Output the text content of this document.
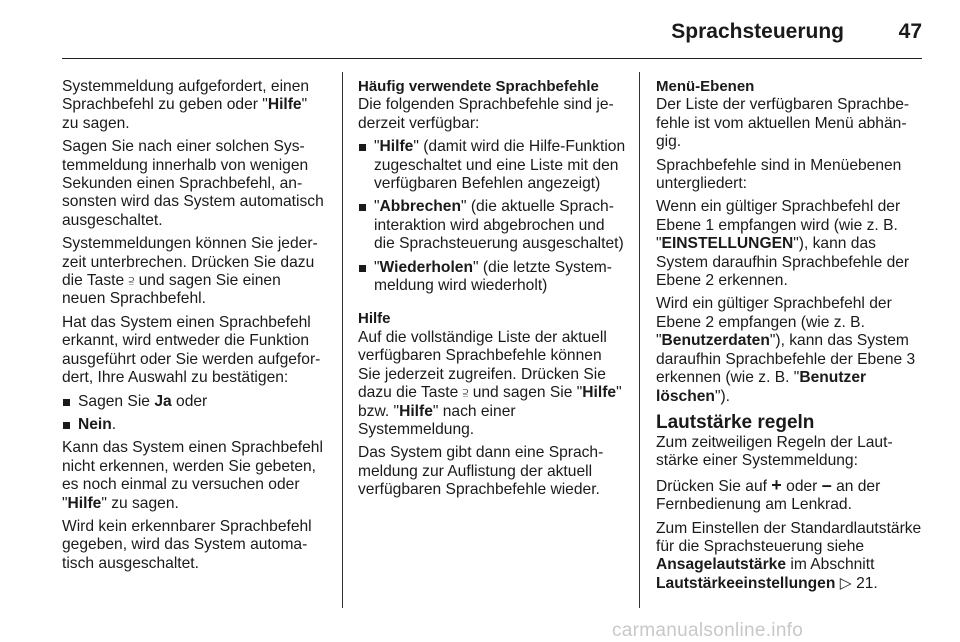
Sprachsteuerung	47

Systemmeldung aufgefordert, einen Sprachbefehl zu geben oder "Hilfe" zu sagen.

Sagen Sie nach einer solchen Systemmeldung innerhalb von wenigen Sekunden einen Sprachbefehl, ansonsten wird das System automatisch ausgeschaltet.

Systemmeldungen können Sie jederzeit unterbrechen. Drücken Sie dazu die Taste ⫆ und sagen Sie einen neuen Sprachbefehl.

Hat das System einen Sprachbefehl erkannt, wird entweder die Funktion ausgeführt oder Sie werden aufgefordert, Ihre Auswahl zu bestätigen:

Sagen Sie Ja oder
Nein.

Kann das System einen Sprachbefehl nicht erkennen, werden Sie gebeten, es noch einmal zu versuchen oder "Hilfe" zu sagen.

Wird kein erkennbarer Sprachbefehl gegeben, wird das System automatisch ausgeschaltet.

Häufig verwendete Sprachbefehle

Die folgenden Sprachbefehle sind jederzeit verfügbar:

"Hilfe" (damit wird die Hilfe-Funktion zugeschaltet und eine Liste mit den verfügbaren Befehlen angezeigt)
"Abbrechen" (die aktuelle Sprachinteraktion wird abgebrochen und die Sprachsteuerung ausgeschaltet)
"Wiederholen" (die letzte Systemmeldung wird wiederholt)
Hilfe

Auf die vollständige Liste der aktuell verfügbaren Sprachbefehle können Sie jederzeit zugreifen. Drücken Sie dazu die Taste ⫆ und sagen Sie "Hilfe" bzw. "Hilfe" nach einer Systemmeldung.

Das System gibt dann eine Sprachmeldung zur Auflistung der aktuell verfügbaren Sprachbefehle wieder.

Menü-Ebenen

Der Liste der verfügbaren Sprachbefehle ist vom aktuellen Menü abhängig.

Sprachbefehle sind in Menüebenen untergliedert:

Wenn ein gültiger Sprachbefehl der Ebene 1 empfangen wird (wie z. B. "EINSTELLUNGEN"), kann das System daraufhin Sprachbefehle der Ebene 2 erkennen.

Wird ein gültiger Sprachbefehl der Ebene 2 empfangen (wie z. B. "Benutzerdaten"), kann das System daraufhin Sprachbefehle der Ebene 3 erkennen (wie z. B. "Benutzer löschen").

Lautstärke regeln

Zum zeitweiligen Regeln der Lautstärke einer Systemmeldung:

Drücken Sie auf + oder – an der Fernbedienung am Lenkrad.

Zum Einstellen der Standardlautstärke für die Sprachsteuerung siehe Ansagelautstärke im Abschnitt Lautstärkeeinstellungen ▷ 21.

carmanualsonline.info
